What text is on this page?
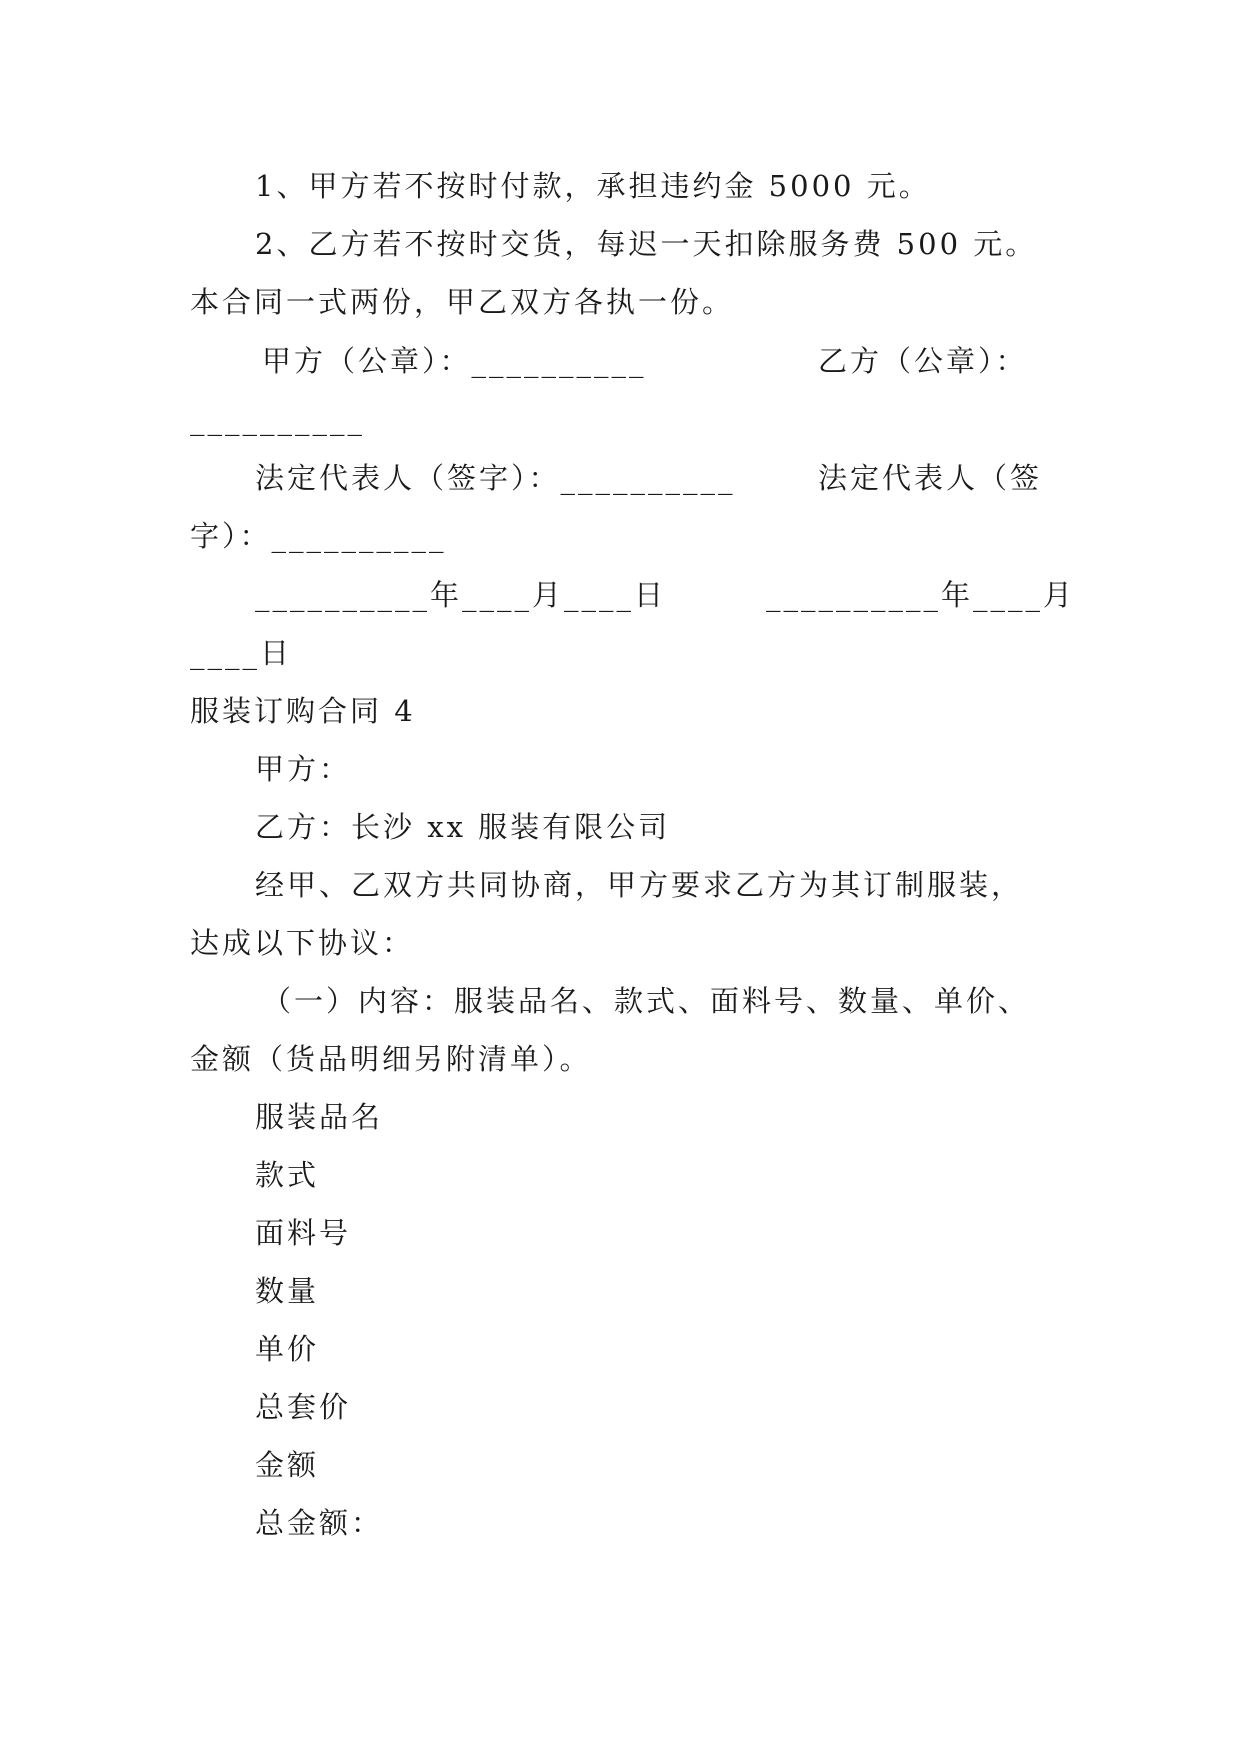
1、甲方若不按时付款，承担违约金 5000 元。
2、乙方若不按时交货，每迟一天扣除服务费 500 元。
本合同一式两份，甲乙双方各执一份。
甲方（公章）：__________	乙方（公章）：
__________
法定代表人（签字）：__________	法定代表人（签
字）：__________
__________年____月____日	__________年____月
____日
服装订购合同 4
甲方：
乙方：长沙 xx 服装有限公司
经甲、乙双方共同协商，甲方要求乙方为其订制服装，
达成以下协议：
（一）内容：服装品名、款式、面料号、数量、单价、
金额（货品明细另附清单）。
服装品名
款式
面料号
数量
单价
总套价
金额
总金额：
